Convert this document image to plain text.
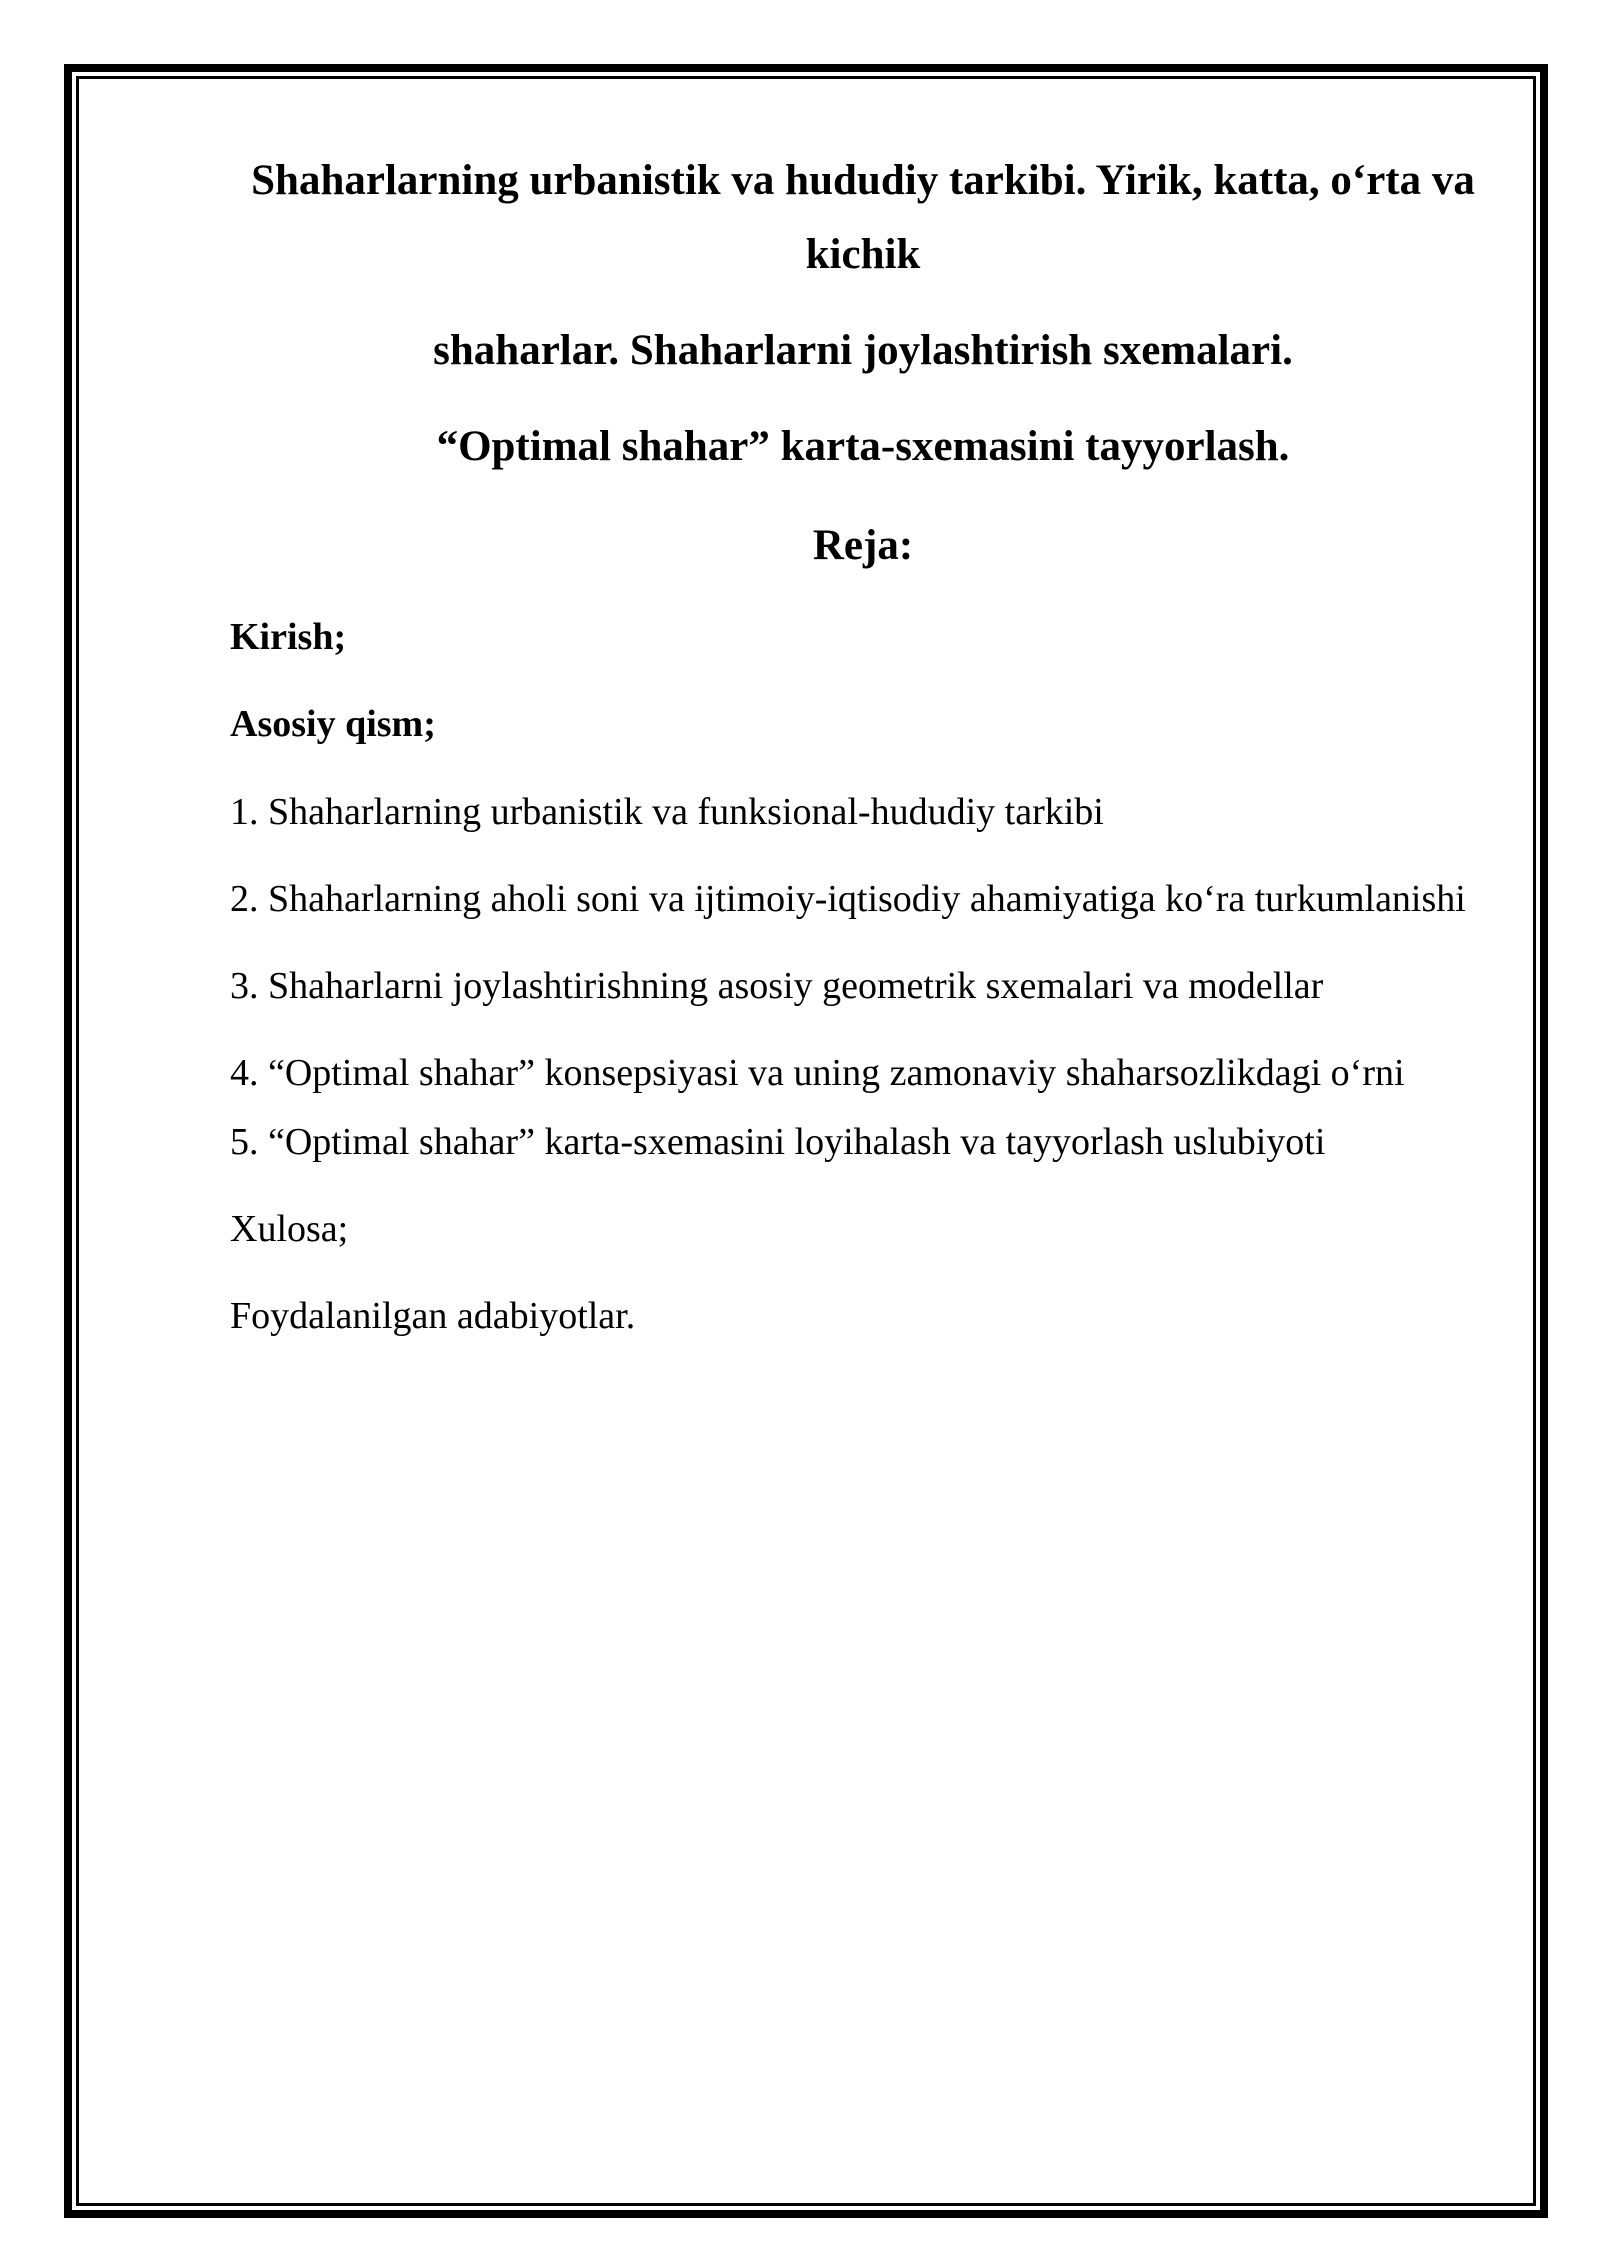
Shaharlarning urbanistik va hududiy tarkibi. Yirik, katta, o‘rta va kichik

shaharlar. Shaharlarni joylashtirish sxemalari.

“Optimal shahar” karta-sxemasini tayyorlash.

Reja:

Kirish;

Asosiy qism;

1. Shaharlarning urbanistik va funksional-hududiy tarkibi

2. Shaharlarning aholi soni va ijtimoiy-iqtisodiy ahamiyatiga ko‘ra turkumlanishi

3. Shaharlarni joylashtirishning asosiy geometrik sxemalari va modellar

4. “Optimal shahar” konsepsiyasi va uning zamonaviy shaharsozlikdagi o‘rni

5. “Optimal shahar” karta-sxemasini loyihalash va tayyorlash uslubiyoti

Xulosa;

Foydalanilgan adabiyotlar.
